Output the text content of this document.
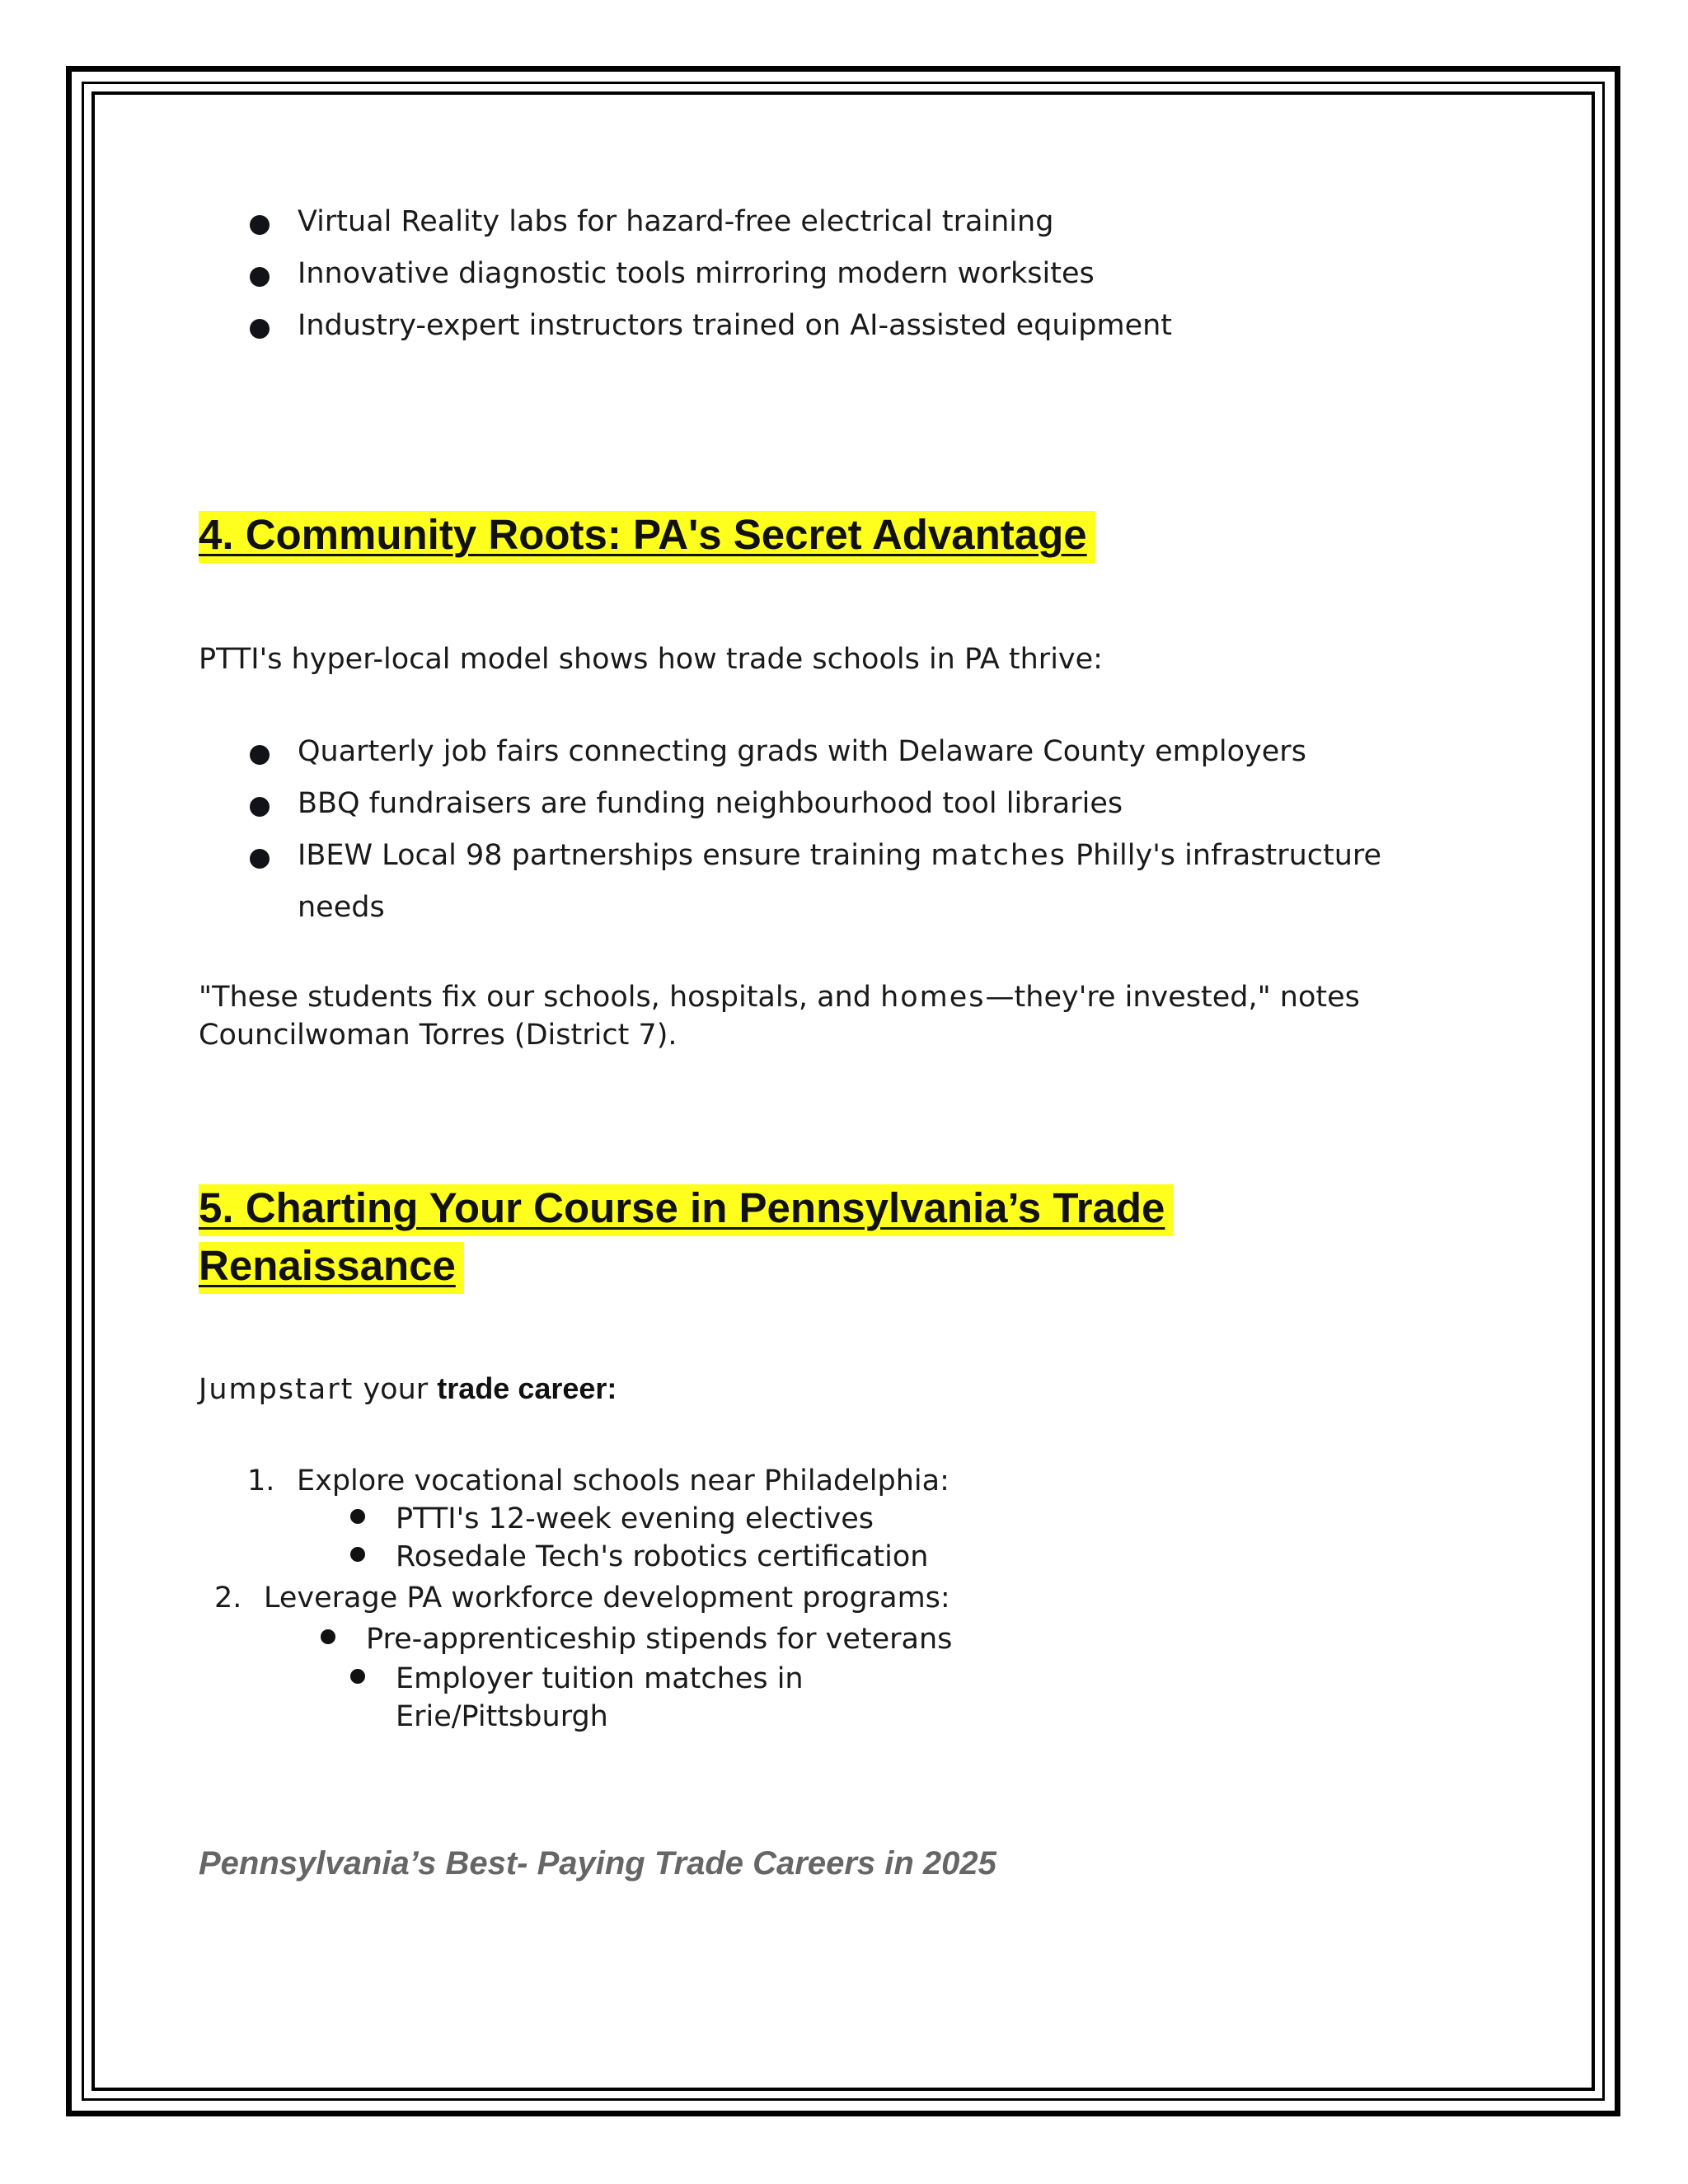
Virtual Reality labs for hazard-free electrical training
Innovative diagnostic tools mirroring modern worksites
Industry-expert instructors trained on AI-assisted equipment
4. Community Roots: PA's Secret Advantage

PTTI's hyper-local model shows how trade schools in PA thrive:

Quarterly job fairs connecting grads with Delaware County employers
BBQ fundraisers are funding neighbourhood tool libraries
IBEW Local 98 partnerships ensure training matches Philly's infrastructure needs

"These students fix our schools, hospitals, and homes—they're invested," notes Councilwoman Torres (District 7).

5. Charting Your Course in Pennsylvania’s Trade
Renaissance

Jumpstart your trade career:

1. Explore vocational schools near Philadelphia:
PTTI's 12-week evening electives
Rosedale Tech's robotics certification
2. Leverage PA workforce development programs:
Pre-apprenticeship stipends for veterans
Employer tuition matches in Erie/Pittsburgh
Pennsylvania’s Best- Paying Trade Careers in 2025
